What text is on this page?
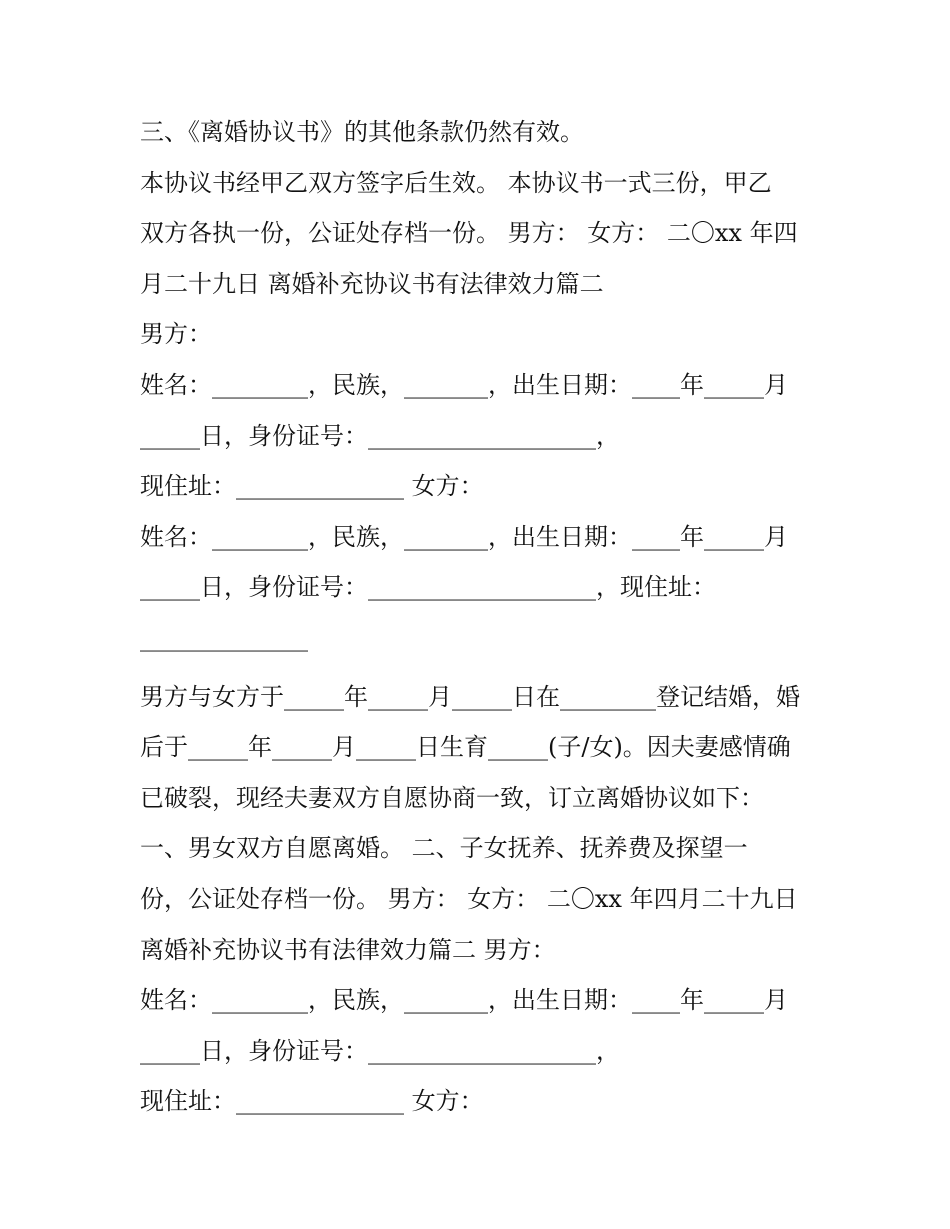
三、《离婚协议书》的其他条款仍然有效。
本协议书经甲乙双方签字后生效。 本协议书一式三份，甲乙
双方各执一份，公证处存档一份。 男方： 女方： 二〇xx 年四
月二十九日 离婚补充协议书有法律效力篇二
男方：
姓名：________，民族，_______，出生日期：____年_____月
_____日，身份证号：___________________，
现住址：______________ 女方：
姓名：________，民族，_______，出生日期：____年_____月
_____日，身份证号：___________________，现住址：
______________
男方与女方于_____年_____月_____日在________登记结婚，婚
后于_____年_____月_____日生育_____(子/女)。因夫妻感情确
已破裂，现经夫妻双方自愿协商一致，订立离婚协议如下：
一、男女双方自愿离婚。 二、子女抚养、抚养费及探望一
份，公证处存档一份。 男方： 女方： 二〇xx 年四月二十九日
离婚补充协议书有法律效力篇二 男方：
姓名：________，民族，_______，出生日期：____年_____月
_____日，身份证号：___________________，
现住址：______________ 女方：
